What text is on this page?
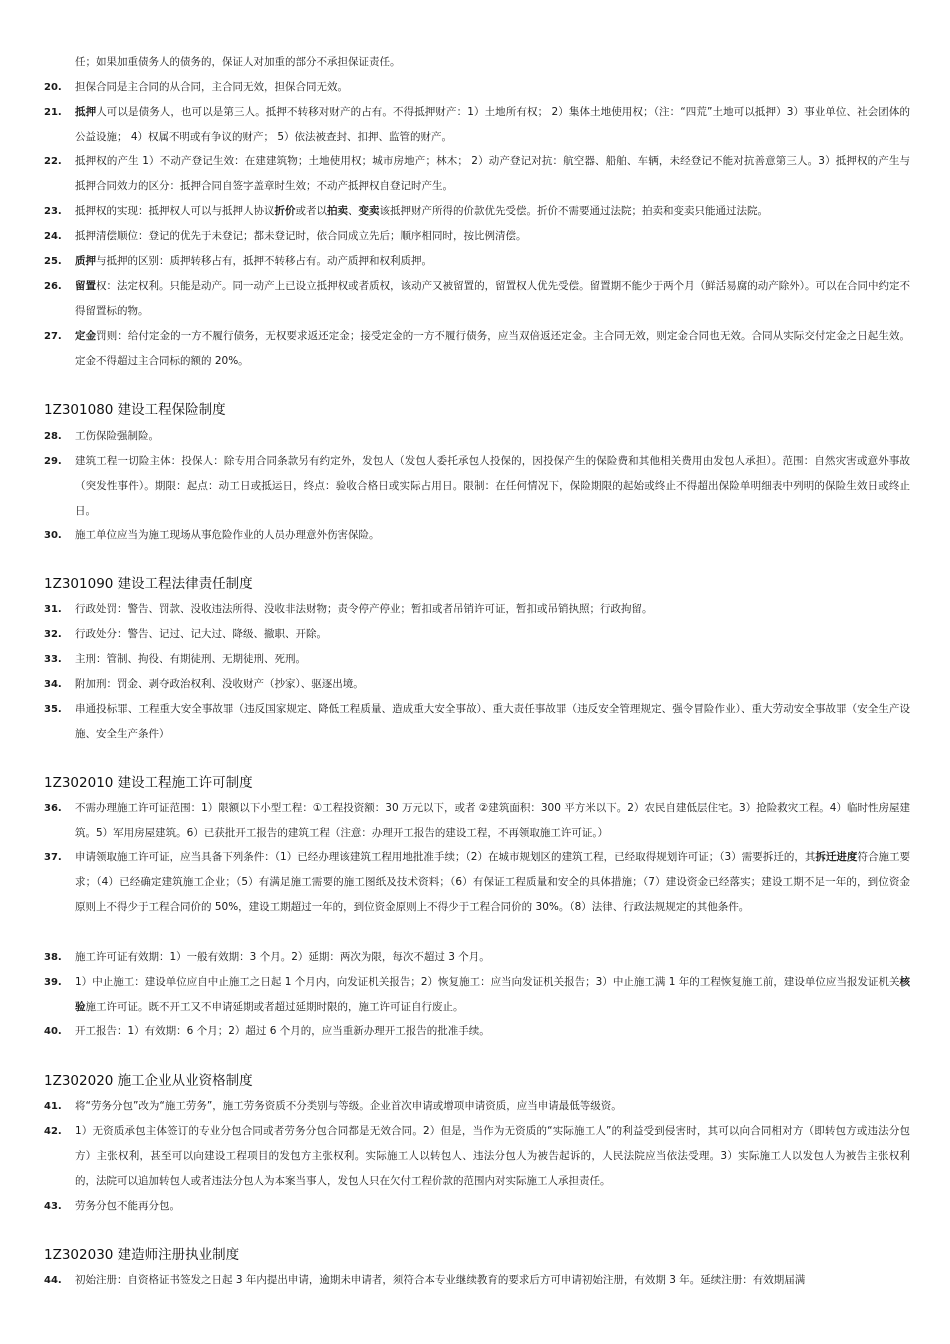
任；如果加重债务人的债务的，保证人对加重的部分不承担保证责任。
1Z301080 建设工程保险制度
1Z301090 建设工程法律责任制度
1Z302010 建设工程施工许可制度
1Z302020 施工企业从业资格制度
1Z302030 建造师注册执业制度
20.	担保合同是主合同的从合同，主合同无效，担保合同无效。
21.	抵押人可以是债务人，也可以是第三人。抵押不转移对财产的占有。不得抵押财产：1）土地所有权； 2）集体土地使用权；（注：“四荒”土地可以抵押）3）事业单位、社会团体的公益设施； 4）权属不明或有争议的财产； 5）依法被查封、扣押、监管的财产。
22.	抵押权的产生 1）不动产登记生效：在建建筑物；土地使用权；城市房地产；林木； 2）动产登记对抗：航空器、船舶、车辆，未经登记不能对抗善意第三人。3）抵押权的产生与抵押合同效力的区分：抵押合同自签字盖章时生效；不动产抵押权自登记时产生。
23.	抵押权的实现：抵押权人可以与抵押人协议折价或者以拍卖、变卖该抵押财产所得的价款优先受偿。折价不需要通过法院；拍卖和变卖只能通过法院。
24.	抵押清偿顺位：登记的优先于未登记；都未登记时，依合同成立先后；顺序相同时，按比例清偿。
25.	质押与抵押的区别：质押转移占有，抵押不转移占有。动产质押和权利质押。
26.	留置权：法定权利。只能是动产。同一动产上已设立抵押权或者质权，该动产又被留置的，留置权人优先受偿。留置期不能少于两个月（鲜活易腐的动产除外）。可以在合同中约定不得留置标的物。
27.	定金罚则：给付定金的一方不履行债务，无权要求返还定金；接受定金的一方不履行债务，应当双倍返还定金。主合同无效，则定金合同也无效。合同从实际交付定金之日起生效。定金不得超过主合同标的额的 20%。
28.	工伤保险强制险。
29.	建筑工程一切险主体：投保人：除专用合同条款另有约定外，发包人（发包人委托承包人投保的，因投保产生的保险费和其他相关费用由发包人承担）。范围：自然灾害或意外事故（突发性事件）。期限：起点：动工日或抵运日，终点：验收合格日或实际占用日。限制：在任何情况下，保险期限的起始或终止不得超出保险单明细表中列明的保险生效日或终止日。
30.	施工单位应当为施工现场从事危险作业的人员办理意外伤害保险。
31.	行政处罚：警告、罚款、没收违法所得、没收非法财物；责令停产停业；暂扣或者吊销许可证，暂扣或吊销执照；行政拘留。
32.	行政处分：警告、记过、记大过、降级、撤职、开除。
33.	主刑：管制、拘役、有期徒刑、无期徒刑、死刑。
34.	附加刑：罚金、剥夺政治权利、没收财产（抄家）、驱逐出境。
35.	串通投标罪、工程重大安全事故罪（违反国家规定、降低工程质量、造成重大安全事故）、重大责任事故罪（违反安全管理规定、强令冒险作业）、重大劳动安全事故罪（安全生产设施、安全生产条件）
36.	不需办理施工许可证范围：1）限额以下小型工程：①工程投资额：30 万元以下，或者 ②建筑面积：300 平方米以下。2）农民自建低层住宅。3）抢险救灾工程。4）临时性房屋建筑。5）军用房屋建筑。6）已获批开工报告的建筑工程（注意：办理开工报告的建设工程，不再领取施工许可证。）
37.	申请领取施工许可证，应当具备下列条件：（1）已经办理该建筑工程用地批准手续；（2）在城市规划区的建筑工程，已经取得规划许可证；（3）需要拆迁的，其拆迁进度符合施工要求；（4）已经确定建筑施工企业；（5）有满足施工需要的施工图纸及技术资料；（6）有保证工程质量和安全的具体措施；（7）建设资金已经落实；建设工期不足一年的，到位资金原则上不得少于工程合同价的 50%，建设工期超过一年的，到位资金原则上不得少于工程合同价的 30%。（8）法律、行政法规规定的其他条件。
38.	施工许可证有效期：1）一般有效期：3 个月。2）延期：两次为限，每次不超过 3 个月。
39.	1）中止施工：建设单位应自中止施工之日起 1 个月内，向发证机关报告；2）恢复施工：应当向发证机关报告；3）中止施工满 1 年的工程恢复施工前，建设单位应当报发证机关核验施工许可证。既不开工又不申请延期或者超过延期时限的，施工许可证自行废止。
40.	开工报告：1）有效期：6 个月；2）超过 6 个月的，应当重新办理开工报告的批准手续。
41.	将“劳务分包”改为“施工劳务”，施工劳务资质不分类别与等级。企业首次申请或增项申请资质，应当申请最低等级资。
42.	1）无资质承包主体签订的专业分包合同或者劳务分包合同都是无效合同。2）但是，当作为无资质的“实际施工人”的利益受到侵害时，其可以向合同相对方（即转包方或违法分包方）主张权利，甚至可以向建设工程项目的发包方主张权利。实际施工人以转包人、违法分包人为被告起诉的，人民法院应当依法受理。3）实际施工人以发包人为被告主张权利的，法院可以追加转包人或者违法分包人为本案当事人，发包人只在欠付工程价款的范围内对实际施工人承担责任。
43.	劳务分包不能再分包。
44.	初始注册：自资格证书签发之日起 3 年内提出申请，逾期未申请者，须符合本专业继续教育的要求后方可申请初始注册，有效期 3 年。延续注册：有效期届满
